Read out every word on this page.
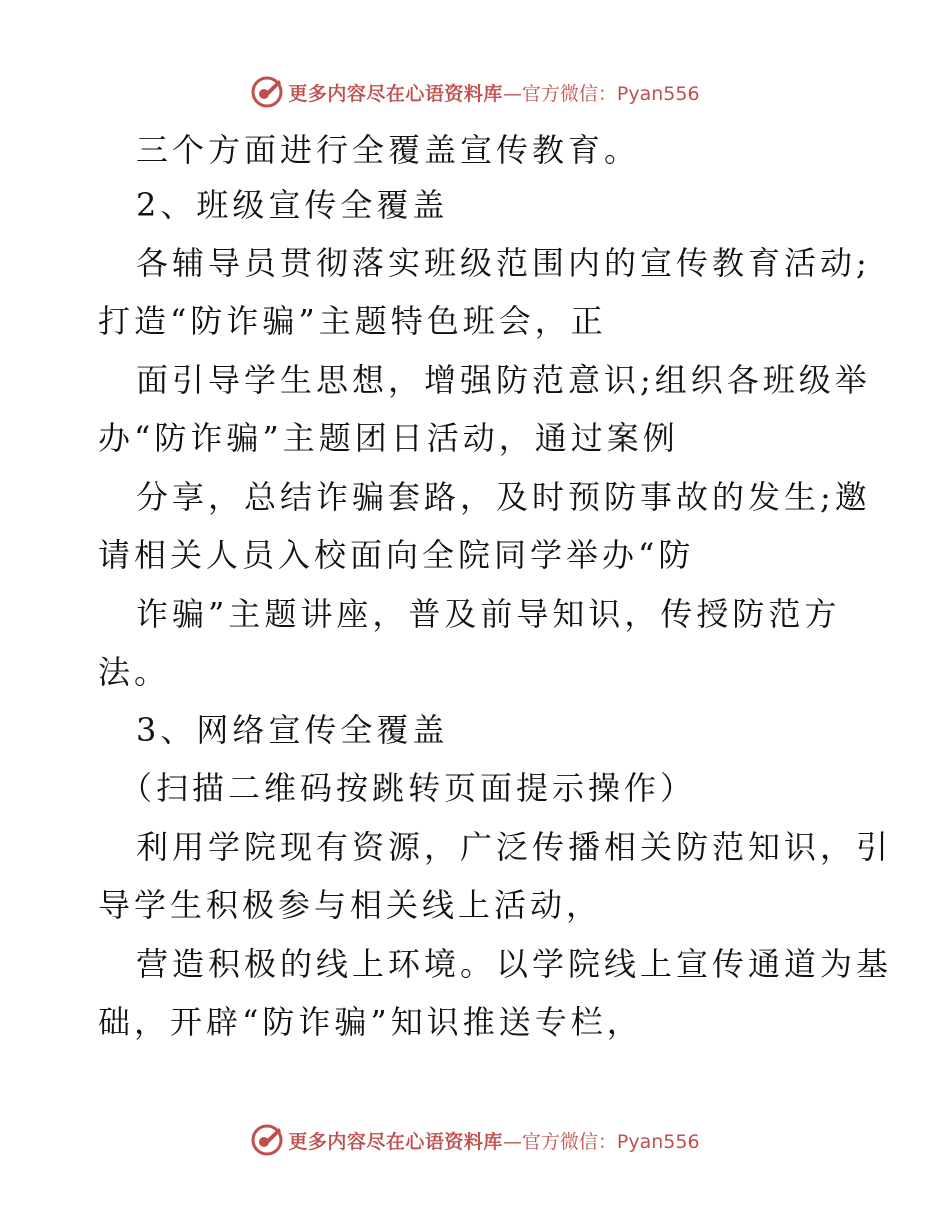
更多内容尽在心语资料库 —官方微信：Pyan556

三个方面进行全覆盖宣传教育。

2、班级宣传全覆盖

各辅导员贯彻落实班级范围内的宣传教育活动;

打造“防诈骗”主题特色班会，正

面引导学生思想，增强防范意识;组织各班级举

办“防诈骗”主题团日活动，通过案例

分享，总结诈骗套路，及时预防事故的发生;邀

请相关人员入校面向全院同学举办“防

诈骗”主题讲座，普及前导知识，传授防范方

法。

3、网络宣传全覆盖

（扫描二维码按跳转页面提示操作）

利用学院现有资源，广泛传播相关防范知识，引

导学生积极参与相关线上活动，

营造积极的线上环境。以学院线上宣传通道为基

础，开辟“防诈骗”知识推送专栏，

更多内容尽在心语资料库 —官方微信：Pyan556
